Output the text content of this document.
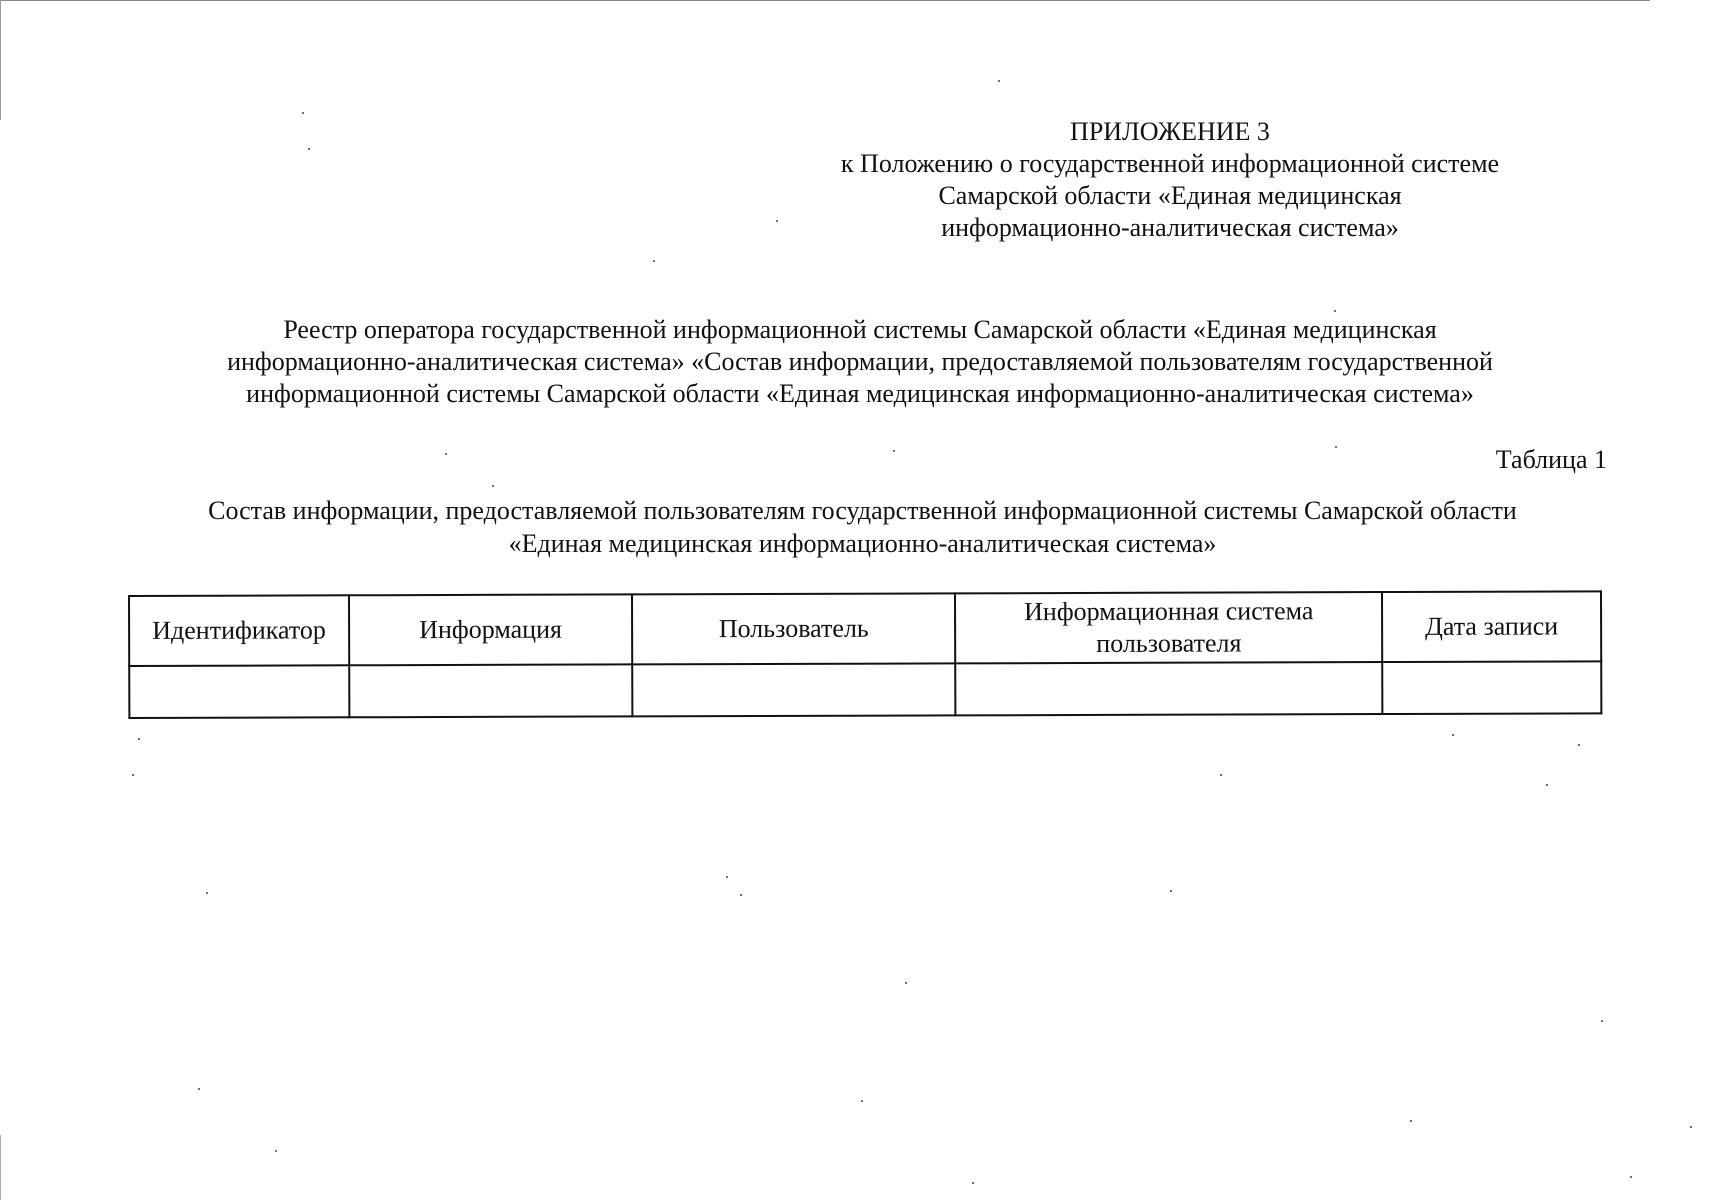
ПРИЛОЖЕНИЕ 3
к Положению о государственной информационной системе
Самарской области «Единая медицинская
информационно-аналитическая система»
Реестр оператора государственной информационной системы Самарской области «Единая медицинская
информационно-аналитическая система» «Состав информации, предоставляемой пользователям государственной
информационной системы Самарской области «Единая медицинская информационно-аналитическая система»
Таблица 1
Состав информации, предоставляемой пользователям государственной информационной системы Самарской области
«Единая медицинская информационно-аналитическая система»
Идентификатор	Информация	Пользователь	Информационная система пользователя	Дата записи
